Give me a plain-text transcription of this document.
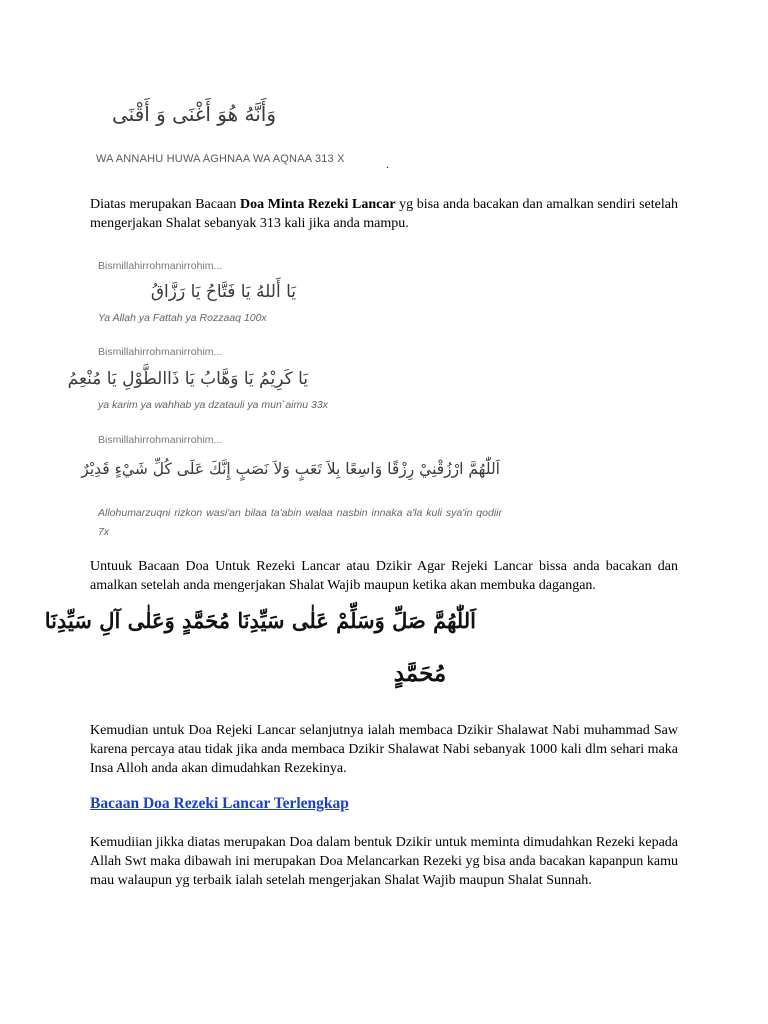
وَأَنَّهُ هُوَ أَغْنَى وَ أَقْنَى
WA ANNAHU HUWA AGHNAA WA AQNAA 313 X	.
Diatas merupakan Bacaan Doa Minta Rezeki Lancar yg bisa anda bacakan dan amalkan sendiri setelah mengerjakan Shalat sebanyak 313 kali jika anda mampu.
Bismillahirrohmanirrohim...
يَا أَللهُ يَا فَتَّاحُ يَا رَزَّاقُ
Ya Allah ya Fattah ya Rozzaaq 100x
Bismillahirrohmanirrohim...
يَا كَرِيْمُ يَا وَهَّابُ يَا ذَاالطَّوْلِ يَا مُنْعِمُ
ya karim ya wahhab ya dzatauli ya mun`aimu 33x
Bismillahirrohmanirrohim...
اَللّٰهُمَّ ارْزُقْنِيْ رِزْقًا وَاسِعًا بِلاَ تَعَبٍ وَلاَ نَصَبٍ إِنَّكَ عَلَى كُلِّ شَيْءٍ قَدِيْرٌ
Allohumarzuqni rizkon wasi'an bilaa ta'abin walaa nasbin innaka a'la kuli sya'in qodiir 7x
Untuuk Bacaan Doa Untuk Rezeki Lancar atau Dzikir Agar Rejeki Lancar bissa anda bacakan dan amalkan setelah anda mengerjakan Shalat Wajib maupun ketika akan membuka dagangan.
اَللّٰهُمَّ صَلِّ وَسَلِّمْ عَلٰى سَيِّدِنَا مُحَمَّدٍ وَعَلٰى آلِ سَيِّدِنَا
مُحَمَّدٍ
Kemudian untuk Doa Rejeki Lancar selanjutnya ialah membaca Dzikir Shalawat Nabi muhammad Saw karena percaya atau tidak jika anda membaca Dzikir Shalawat Nabi sebanyak 1000 kali dlm sehari maka Insa Alloh anda akan dimudahkan Rezekinya.
Bacaan Doa Rezeki Lancar Terlengkap
Kemudiian jikka diatas merupakan Doa dalam bentuk Dzikir untuk meminta dimudahkan Rezeki kepada Allah Swt maka dibawah ini merupakan Doa Melancarkan Rezeki yg bisa anda bacakan kapanpun kamu mau walaupun yg terbaik ialah setelah mengerjakan Shalat Wajib maupun Shalat Sunnah.
